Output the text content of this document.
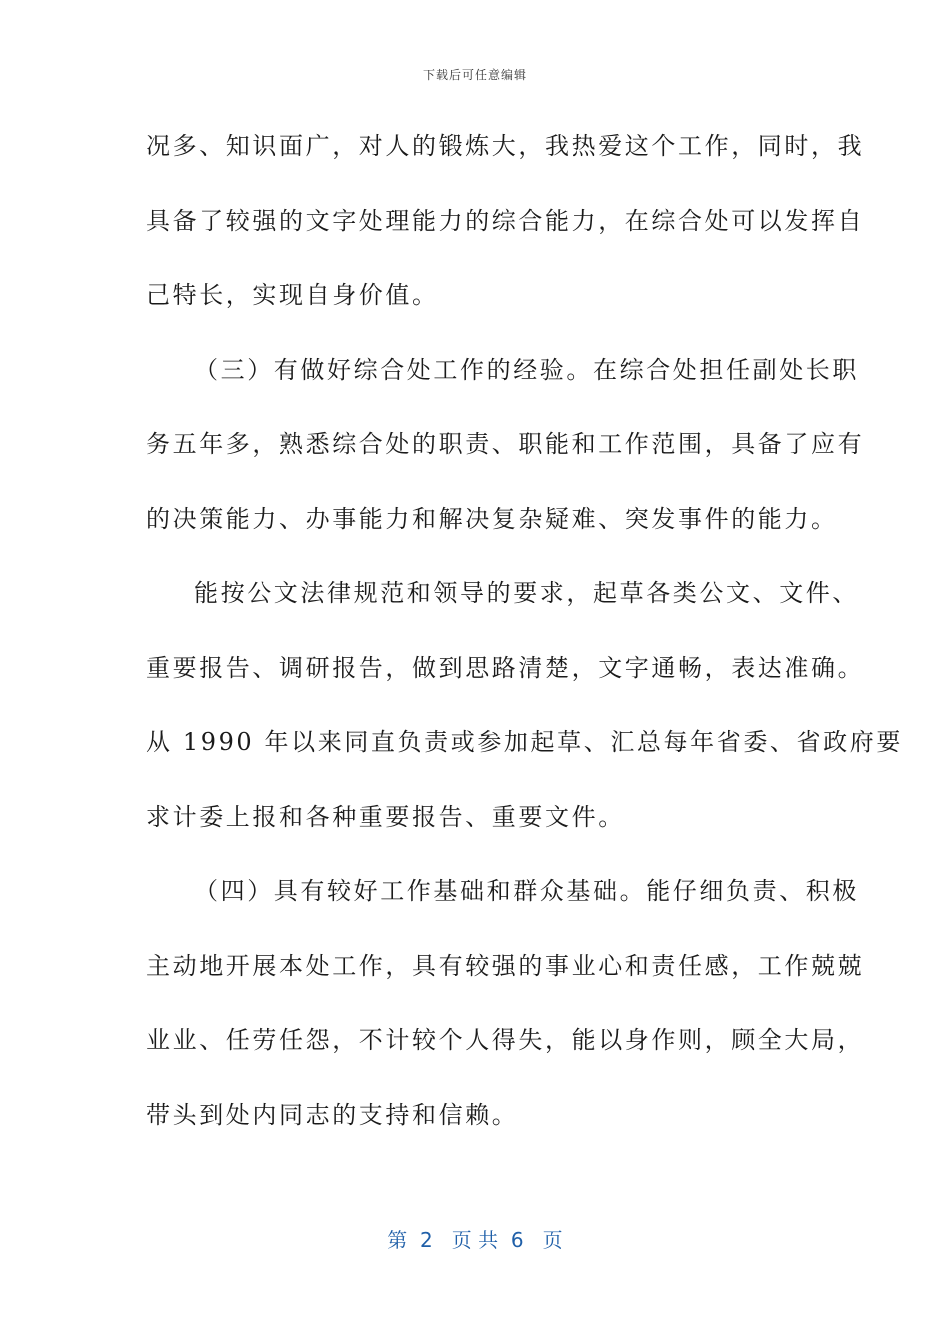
下载后可任意编辑
况多、知识面广，对人的锻炼大，我热爱这个工作，同时，我
具备了较强的文字处理能力的综合能力，在综合处可以发挥自
己特长，实现自身价值。
（三）有做好综合处工作的经验。在综合处担任副处长职
务五年多，熟悉综合处的职责、职能和工作范围，具备了应有
的决策能力、办事能力和解决复杂疑难、突发事件的能力。
能按公文法律规范和领导的要求，起草各类公文、文件、
重要报告、调研报告，做到思路清楚，文字通畅，表达准确。
从 1990 年以来同直负责或参加起草、汇总每年省委、省政府要
求计委上报和各种重要报告、重要文件。
（四）具有较好工作基础和群众基础。能仔细负责、积极
主动地开展本处工作，具有较强的事业心和责任感，工作兢兢
业业、任劳任怨，不计较个人得失，能以身作则，顾全大局，
带头到处内同志的支持和信赖。
第  2   页 共  6   页
